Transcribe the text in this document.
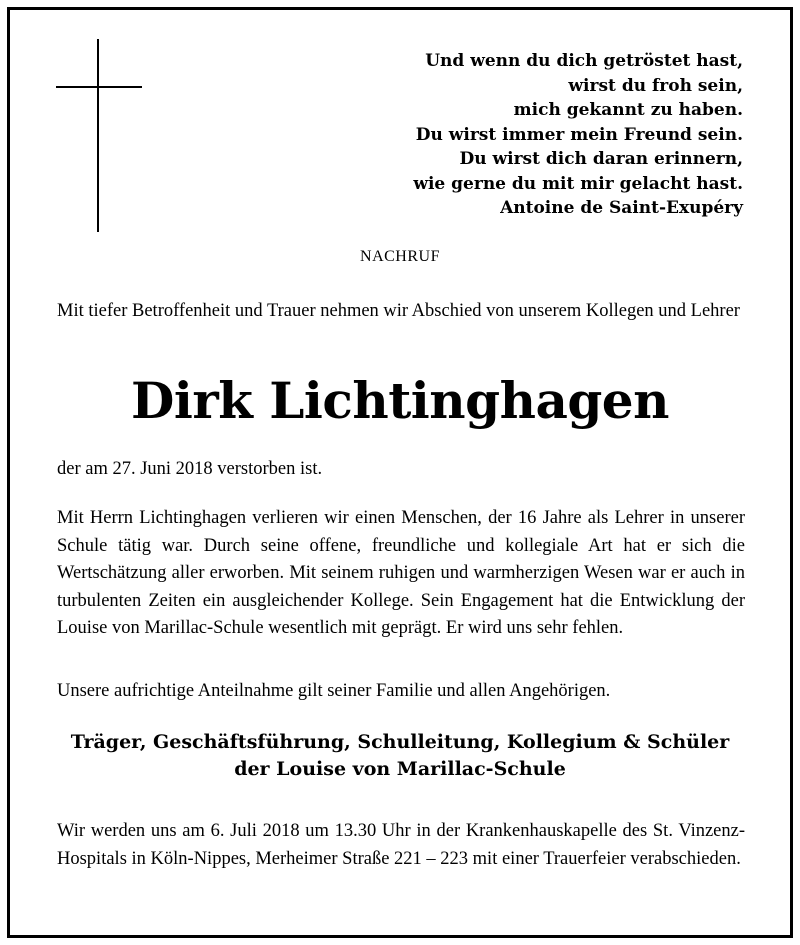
Und wenn du dich getröstet hast,
wirst du froh sein,
mich gekannt zu haben.
Du wirst immer mein Freund sein.
Du wirst dich daran erinnern,
wie gerne du mit mir gelacht hast.
Antoine de Saint-Exupéry
NACHRUF
Mit tiefer Betroffenheit und Trauer nehmen wir Abschied von unserem Kollegen und Lehrer
Dirk Lichtinghagen
der am 27. Juni 2018 verstorben ist.
Mit Herrn Lichtinghagen verlieren wir einen Menschen, der 16 Jahre als Lehrer in unserer Schule tätig war. Durch seine offene, freundliche und kollegiale Art hat er sich die Wertschätzung aller erworben. Mit seinem ruhigen und warmherzigen Wesen war er auch in turbulenten Zeiten ein ausgleichender Kollege. Sein Engagement hat die Entwicklung der Louise von Marillac-Schule wesentlich mit geprägt. Er wird uns sehr fehlen.
Unsere aufrichtige Anteilnahme gilt seiner Familie und allen Angehörigen.
Träger, Geschäftsführung, Schulleitung, Kollegium & Schüler
der Louise von Marillac-Schule
Wir werden uns am 6. Juli 2018 um 13.30 Uhr in der Krankenhauskapelle des St. Vinzenz-Hospitals in Köln-Nippes, Merheimer Straße 221 – 223 mit einer Trauerfeier verabschieden.
